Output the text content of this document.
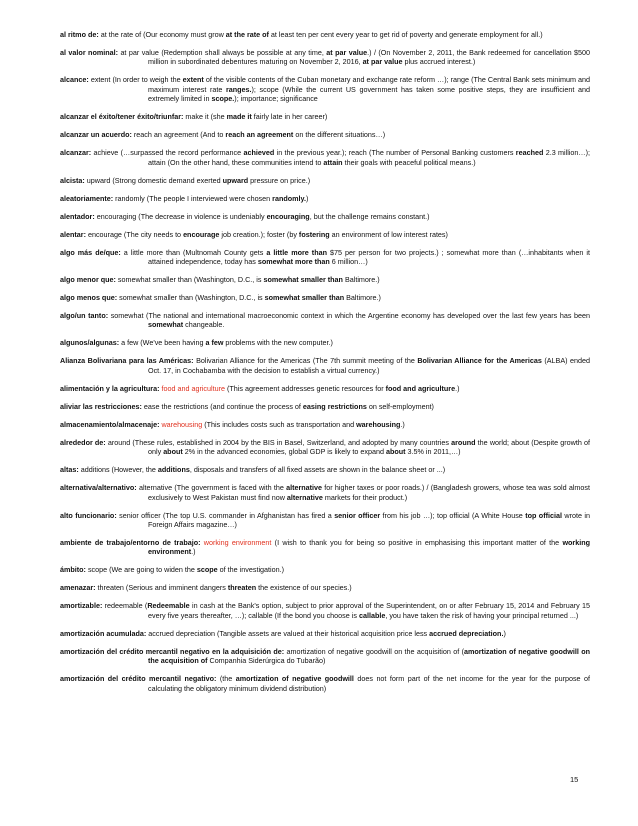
al ritmo de: at the rate of (Our economy must grow at the rate of at least ten per cent every year to get rid of poverty and generate employment for all.)

al valor nominal: at par value (Redemption shall always be possible at any time, at par value.) / (On November 2, 2011, the Bank redeemed for cancellation $500 million in subordinated debentures maturing on November 2, 2016, at par value plus accrued interest.)

alcance: extent (In order to weigh the extent of the visible contents of the Cuban monetary and exchange rate reform …); range (The Central Bank sets minimum and maximum interest rate ranges.); scope (While the current US government has taken some positive steps, they are insufficient and extremely limited in scope.); importance; significance

alcanzar el éxito/tener éxito/triunfar: make it (she made it fairly late in her career)

alcanzar un acuerdo: reach an agreement (And to reach an agreement on the different situations…)

alcanzar: achieve (…surpassed the record performance achieved in the previous year.); reach (The number of Personal Banking customers reached 2.3 million…); attain (On the other hand, these communities intend to attain their goals with peaceful political means.)

alcista: upward (Strong domestic demand exerted upward pressure on price.)

aleatoriamente: randomly (The people I interviewed were chosen randomly.)

alentador: encouraging (The decrease in violence is undeniably encouraging, but the challenge remains constant.)

alentar: encourage (The city needs to encourage job creation.); foster (by fostering an environment of low interest rates)

algo más de/que: a little more than (Multnomah County gets a little more than $75 per person for two projects.) ; somewhat more than (…inhabitants when it attained independence, today has somewhat more than 6 million…)

algo menor que: somewhat smaller than (Washington, D.C., is somewhat smaller than Baltimore.)

algo menos que: somewhat smaller than (Washington, D.C., is somewhat smaller than Baltimore.)

algo/un tanto: somewhat (The national and international macroeconomic context in which the Argentine economy has developed over the last few years has been somewhat changeable.

algunos/algunas: a few (We've been having a few problems with the new computer.)

Alianza Bolivariana para las Américas: Bolivarian Alliance for the Americas (The 7th summit meeting of the Bolivarian Alliance for the Americas (ALBA) ended Oct. 17, in Cochabamba with the decision to establish a virtual currency.)

alimentación y la agricultura: food and agriculture (This agreement addresses genetic resources for food and agriculture.)

aliviar las restricciones: ease the restrictions (and continue the process of easing restrictions on self-employment)

almacenamiento/almacenaje: warehousing (This includes costs such as transportation and warehousing.)

alrededor de: around (These rules, established in 2004 by the BIS in Basel, Switzerland, and adopted by many countries around the world; about (Despite growth of only about 2% in the advanced economies, global GDP is likely to expand about 3.5% in 2011,…)

altas: additions (However, the additions, disposals and transfers of all fixed assets are shown in the balance sheet or ...)

alternativa/alternativo: alternative (The government is faced with the alternative for higher taxes or poor roads.) / (Bangladesh growers, whose tea was sold almost exclusively to West Pakistan must find now alternative markets for their product.)

alto funcionario: senior officer (The top U.S. commander in Afghanistan has fired a senior officer from his job …); top official (A White House top official wrote in Foreign Affairs magazine…)

ambiente de trabajo/entorno de trabajo: working environment (I wish to thank you for being so positive in emphasising this important matter of the working environment.)

ámbito: scope (We are going to widen the scope of the investigation.)

amenazar: threaten (Serious and imminent dangers threaten the existence of our species.)

amortizable: redeemable (Redeemable in cash at the Bank's option, subject to prior approval of the Superintendent, on or after February 15, 2014 and February 15 every five years thereafter, …); callable (If the bond you choose is callable, you have taken the risk of having your principal returned ...)

amortización acumulada: accrued depreciation (Tangible assets are valued at their historical acquisition price less accrued depreciation.)

amortización del crédito mercantil negativo en la adquisición de: amortization of negative goodwill on the acquisition of (amortization of negative goodwill on the acquisition of Companhia Siderúrgica do Tubarão)

amortización del crédito mercantil negativo: (the amortization of negative goodwill does not form part of the net income for the year for the purpose of calculating the obligatory minimum dividend distribution)

15
